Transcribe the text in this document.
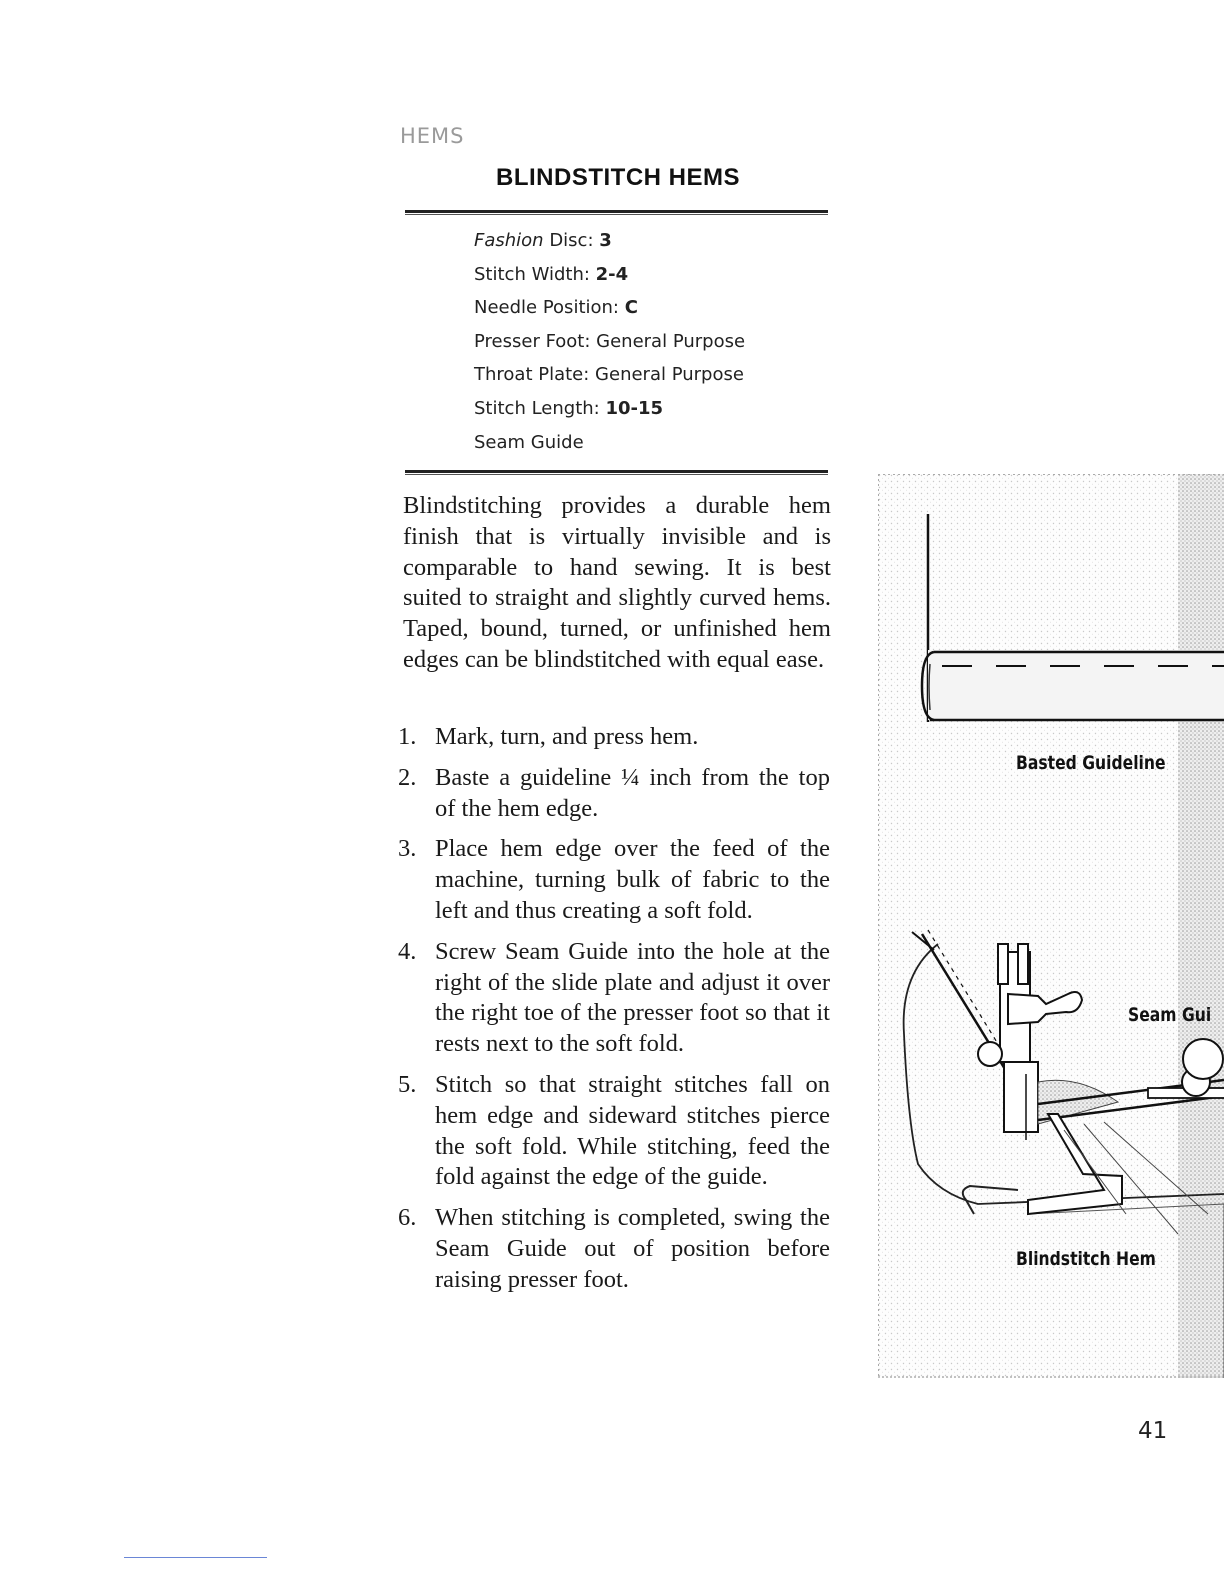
HEMS
BLINDSTITCH HEMS
Fashion Disc: 3
Stitch Width: 2-4
Needle Position: C
Presser Foot: General Purpose
Throat Plate: General Purpose
Stitch Length: 10-15
Seam Guide

Blindstitching provides a durable hem finish that is virtually invisible and is comparable to hand sewing. It is best suited to straight and slightly curved hems. Taped, bound, turned, or unfinished hem edges can be blindstitched with equal ease.

1. Mark, turn, and press hem.
2. Baste a guideline ¼ inch from the top of the hem edge.
3. Place hem edge over the feed of the machine, turning bulk of fabric to the left and thus creating a soft fold.
4. Screw Seam Guide into the hole at the right of the slide plate and adjust it over the right toe of the presser foot so that it rests next to the soft fold.
5. Stitch so that straight stitches fall on hem edge and sideward stitches pierce the soft fold. While stitching, feed the fold against the edge of the guide.
6. When stitching is completed, swing the Seam Guide out of position before raising presser foot.
Basted Guideline
Seam Gui
Blindstitch Hem
41
